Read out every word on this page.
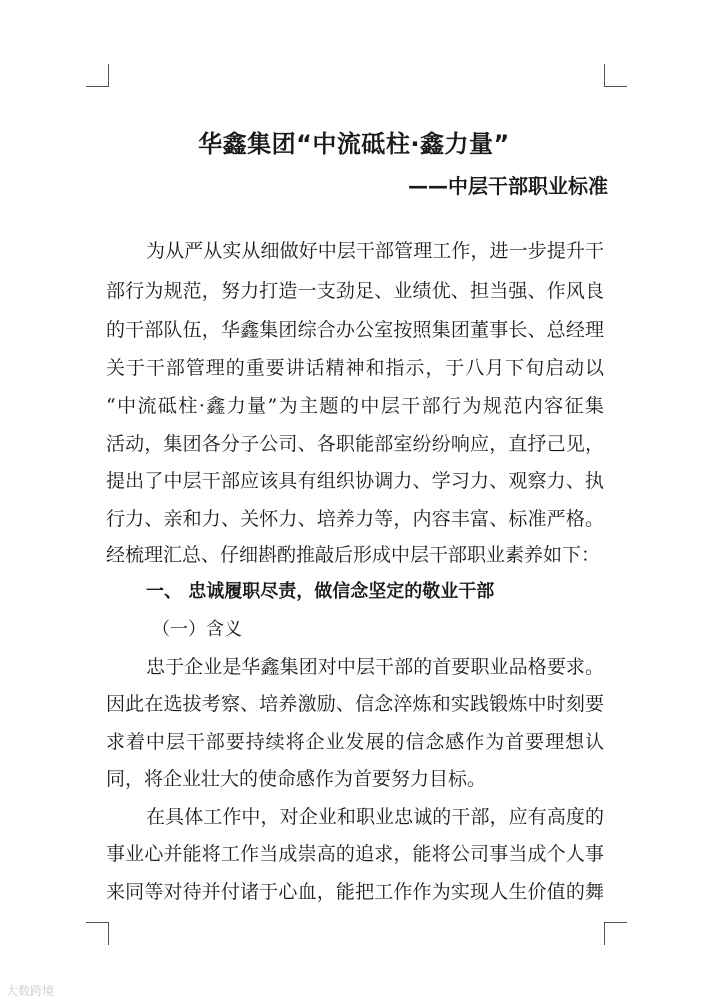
华鑫集团“中流砥柱·鑫力量”
——中层干部职业标准
为从严从实从细做好中层干部管理工作，进一步提升干
部行为规范，努力打造一支劲足、业绩优、担当强、作风良
的干部队伍，华鑫集团综合办公室按照集团董事长、总经理
关于干部管理的重要讲话精神和指示，于八月下旬启动以
“中流砥柱·鑫力量”为主题的中层干部行为规范内容征集
活动，集团各分子公司、各职能部室纷纷响应，直抒己见，
提出了中层干部应该具有组织协调力、学习力、观察力、执
行力、亲和力、关怀力、培养力等，内容丰富、标准严格。
经梳理汇总、仔细斟酌推敲后形成中层干部职业素养如下：
一、 忠诚履职尽责，做信念坚定的敬业干部
（一）含义
忠于企业是华鑫集团对中层干部的首要职业品格要求。
因此在选拔考察、培养激励、信念淬炼和实践锻炼中时刻要
求着中层干部要持续将企业发展的信念感作为首要理想认
同，将企业壮大的使命感作为首要努力目标。
在具体工作中，对企业和职业忠诚的干部，应有高度的
事业心并能将工作当成崇高的追求，能将公司事当成个人事
来同等对待并付诸于心血，能把工作作为实现人生价值的舞
大数跨境
